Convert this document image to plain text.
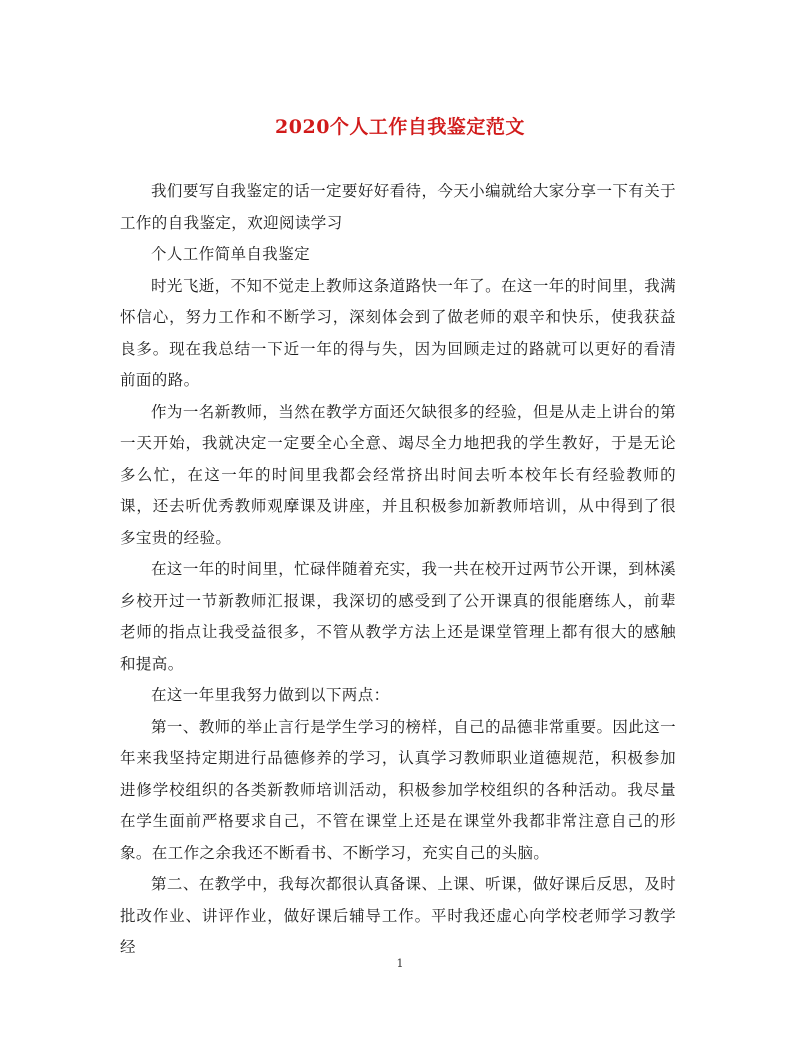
2020个人工作自我鉴定范文

我们要写自我鉴定的话一定要好好看待，今天小编就给大家分享一下有关于工作的自我鉴定，欢迎阅读学习

个人工作简单自我鉴定

时光飞逝，不知不觉走上教师这条道路快一年了。在这一年的时间里，我满怀信心，努力工作和不断学习，深刻体会到了做老师的艰辛和快乐，使我获益良多。现在我总结一下近一年的得与失，因为回顾走过的路就可以更好的看清前面的路。

作为一名新教师，当然在教学方面还欠缺很多的经验，但是从走上讲台的第一天开始，我就决定一定要全心全意、竭尽全力地把我的学生教好，于是无论多么忙，在这一年的时间里我都会经常挤出时间去听本校年长有经验教师的课，还去听优秀教师观摩课及讲座，并且积极参加新教师培训，从中得到了很多宝贵的经验。

在这一年的时间里，忙碌伴随着充实，我一共在校开过两节公开课，到林溪乡校开过一节新教师汇报课，我深切的感受到了公开课真的很能磨练人，前辈老师的指点让我受益很多，不管从教学方法上还是课堂管理上都有很大的感触和提高。

在这一年里我努力做到以下两点：

第一、教师的举止言行是学生学习的榜样，自己的品德非常重要。因此这一年来我坚持定期进行品德修养的学习，认真学习教师职业道德规范，积极参加进修学校组织的各类新教师培训活动，积极参加学校组织的各种活动。我尽量在学生面前严格要求自己，不管在课堂上还是在课堂外我都非常注意自己的形象。在工作之余我还不断看书、不断学习，充实自己的头脑。

第二、在教学中，我每次都很认真备课、上课、听课，做好课后反思，及时批改作业、讲评作业，做好课后辅导工作。平时我还虚心向学校老师学习教学经

1
